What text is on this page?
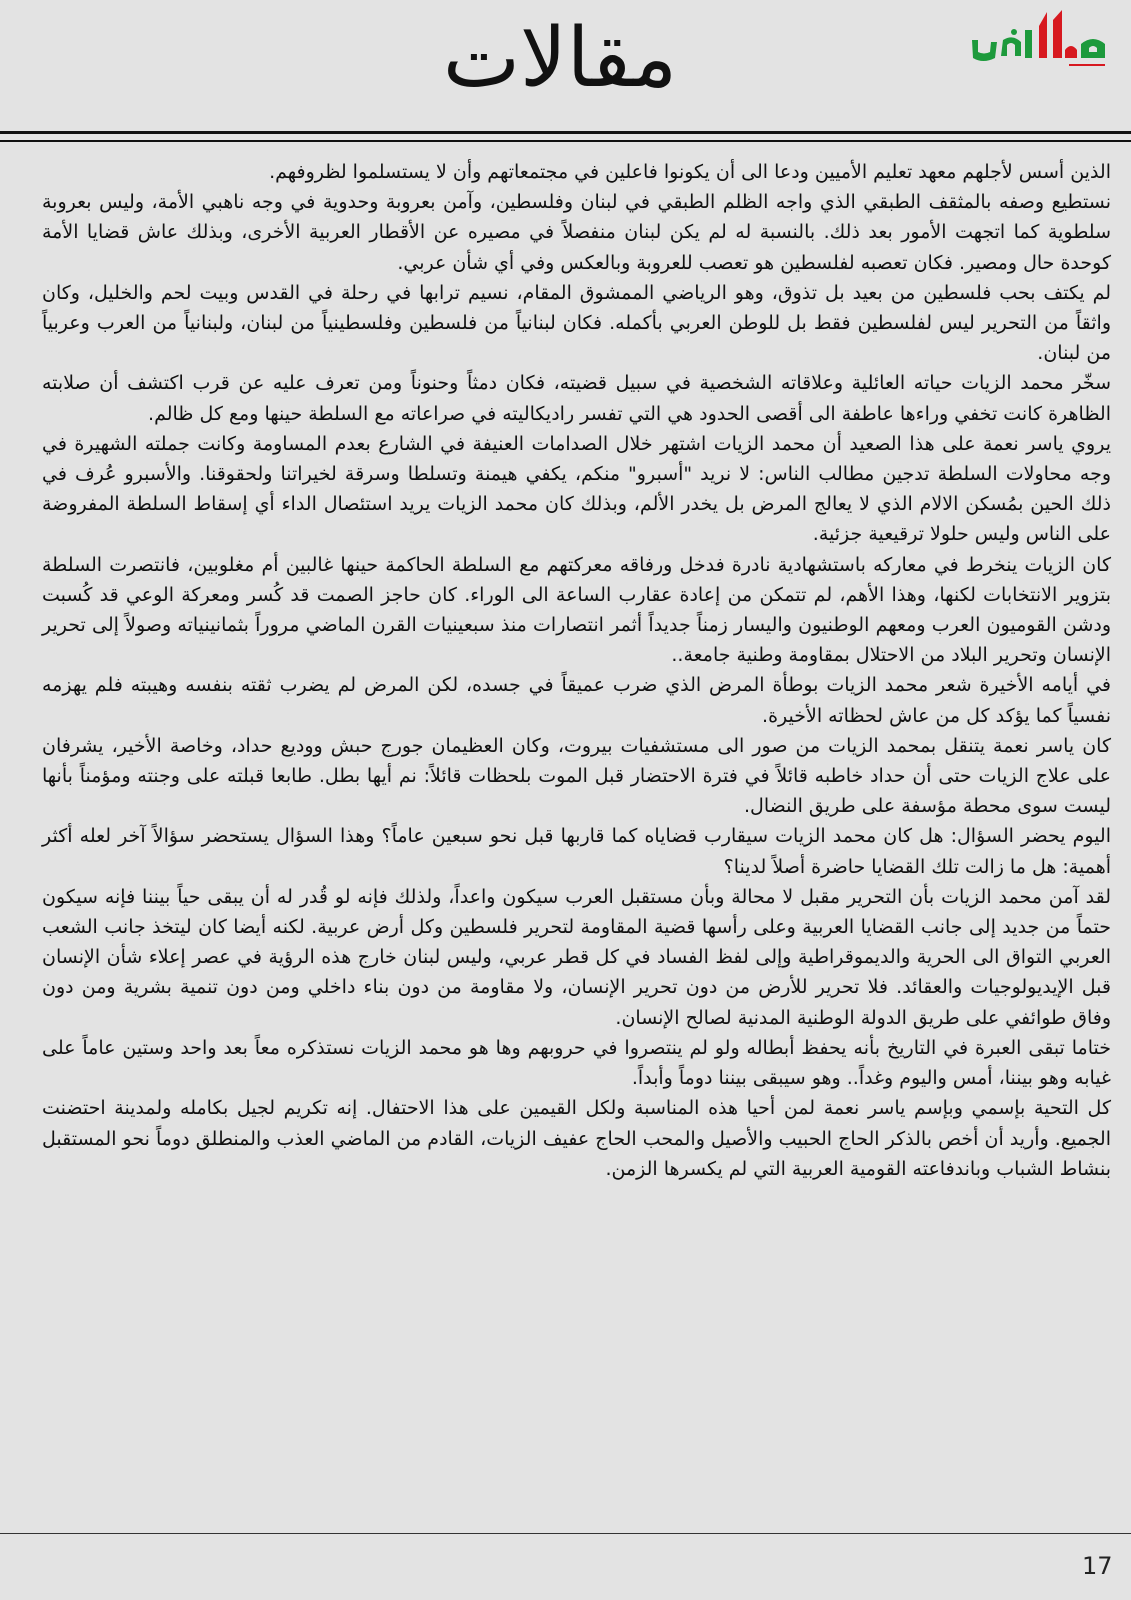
مقالات

الذين أسس لأجلهم معهد تعليم الأميين ودعا الى أن يكونوا فاعلين في مجتمعاتهم وأن لا يستسلموا لظروفهم.

نستطيع وصفه بالمثقف الطبقي الذي واجه الظلم الطبقي في لبنان وفلسطين، وآمن بعروبة وحدوية في وجه ناهبي الأمة، وليس بعروبة سلطوية كما اتجهت الأمور بعد ذلك. بالنسبة له لم يكن لبنان منفصلاً في مصيره عن الأقطار العربية الأخرى، وبذلك عاش قضايا الأمة كوحدة حال ومصير. فكان تعصبه لفلسطين هو تعصب للعروبة وبالعكس وفي أي شأن عربي.

لم يكتف بحب فلسطين من بعيد بل تذوق، وهو الرياضي الممشوق المقام، نسيم ترابها في رحلة في القدس وبيت لحم والخليل، وكان واثقاً من التحرير ليس لفلسطين فقط بل للوطن العربي بأكمله. فكان لبنانياً من فلسطين وفلسطينياً من لبنان، ولبنانياً من العرب وعربياً من لبنان.

سخّر محمد الزيات حياته العائلية وعلاقاته الشخصية في سبيل قضيته، فكان دمثاً وحنوناً ومن تعرف عليه عن قرب اكتشف أن صلابته الظاهرة كانت تخفي وراءها عاطفة الى أقصى الحدود هي التي تفسر راديكاليته في صراعاته مع السلطة حينها ومع كل ظالم.

يروي ياسر نعمة على هذا الصعيد أن محمد الزيات اشتهر خلال الصدامات العنيفة في الشارع بعدم المساومة وكانت جملته الشهيرة في وجه محاولات السلطة تدجين مطالب الناس: لا نريد "أسبرو" منكم، يكفي هيمنة وتسلطا وسرقة لخيراتنا ولحقوقنا. والأسبرو عُرف في ذلك الحين بمُسكن الالام الذي لا يعالج المرض بل يخدر الألم، وبذلك كان محمد الزيات يريد استئصال الداء أي إسقاط السلطة المفروضة على الناس وليس حلولا ترقيعية جزئية.

كان الزيات ينخرط في معاركه باستشهادية نادرة فدخل ورفاقه معركتهم مع السلطة الحاكمة حينها غالبين أم مغلوبين، فانتصرت السلطة بتزوير الانتخابات لكنها، وهذا الأهم، لم تتمكن من إعادة عقارب الساعة الى الوراء. كان حاجز الصمت قد كُسر ومعركة الوعي قد كُسبت ودشن القوميون العرب ومعهم الوطنيون واليسار زمناً جديداً أثمر انتصارات منذ سبعينيات القرن الماضي مروراً بثمانينياته وصولاً إلى تحرير الإنسان وتحرير البلاد من الاحتلال بمقاومة وطنية جامعة..

في أيامه الأخيرة شعر محمد الزيات بوطأة المرض الذي ضرب عميقاً في جسده، لكن المرض لم يضرب ثقته بنفسه وهيبته فلم يهزمه نفسياً كما يؤكد كل من عاش لحظاته الأخيرة.

كان ياسر نعمة يتنقل بمحمد الزيات من صور الى مستشفيات بيروت، وكان العظيمان جورج حبش ووديع حداد، وخاصة الأخير، يشرفان على علاج الزيات حتى أن حداد خاطبه قائلاً في فترة الاحتضار قبل الموت بلحظات قائلاً: نم أيها بطل. طابعا قبلته على وجنته ومؤمناً بأنها ليست سوى محطة مؤسفة على طريق النضال.

اليوم يحضر السؤال: هل كان محمد الزيات سيقارب قضاياه كما قاربها قبل نحو سبعين عاماً؟ وهذا السؤال يستحضر سؤالاً آخر لعله أكثر أهمية: هل ما زالت تلك القضايا حاضرة أصلاً لدينا؟

لقد آمن محمد الزيات بأن التحرير مقبل لا محالة وبأن مستقبل العرب سيكون واعداً، ولذلك فإنه لو قُدر له أن يبقى حياً بيننا فإنه سيكون حتماً من جديد إلى جانب القضايا العربية وعلى رأسها قضية المقاومة لتحرير فلسطين وكل أرض عربية. لكنه أيضا كان ليتخذ جانب الشعب العربي التواق الى الحرية والديموقراطية وإلى لفظ الفساد في كل قطر عربي، وليس لبنان خارج هذه الرؤية في عصر إعلاء شأن الإنسان قبل الإيديولوجيات والعقائد. فلا تحرير للأرض من دون تحرير الإنسان، ولا مقاومة من دون بناء داخلي ومن دون تنمية بشرية ومن دون وفاق طوائفي على طريق الدولة الوطنية المدنية لصالح الإنسان.

ختاما تبقى العبرة في التاريخ بأنه يحفظ أبطاله ولو لم ينتصروا في حروبهم وها هو محمد الزيات نستذكره معاً بعد واحد وستين عاماً على غيابه وهو بيننا، أمس واليوم وغداً.. وهو سيبقى بيننا دوماً وأبداً.

كل التحية بإسمي وبإسم ياسر نعمة لمن أحيا هذه المناسبة ولكل القيمين على هذا الاحتفال. إنه تكريم لجيل بكامله ولمدينة احتضنت الجميع. وأريد أن أخص بالذكر الحاج الحبيب والأصيل والمحب الحاج عفيف الزيات، القادم من الماضي العذب والمنطلق دوماً نحو المستقبل بنشاط الشباب وباندفاعته القومية العربية التي لم يكسرها الزمن.

17
